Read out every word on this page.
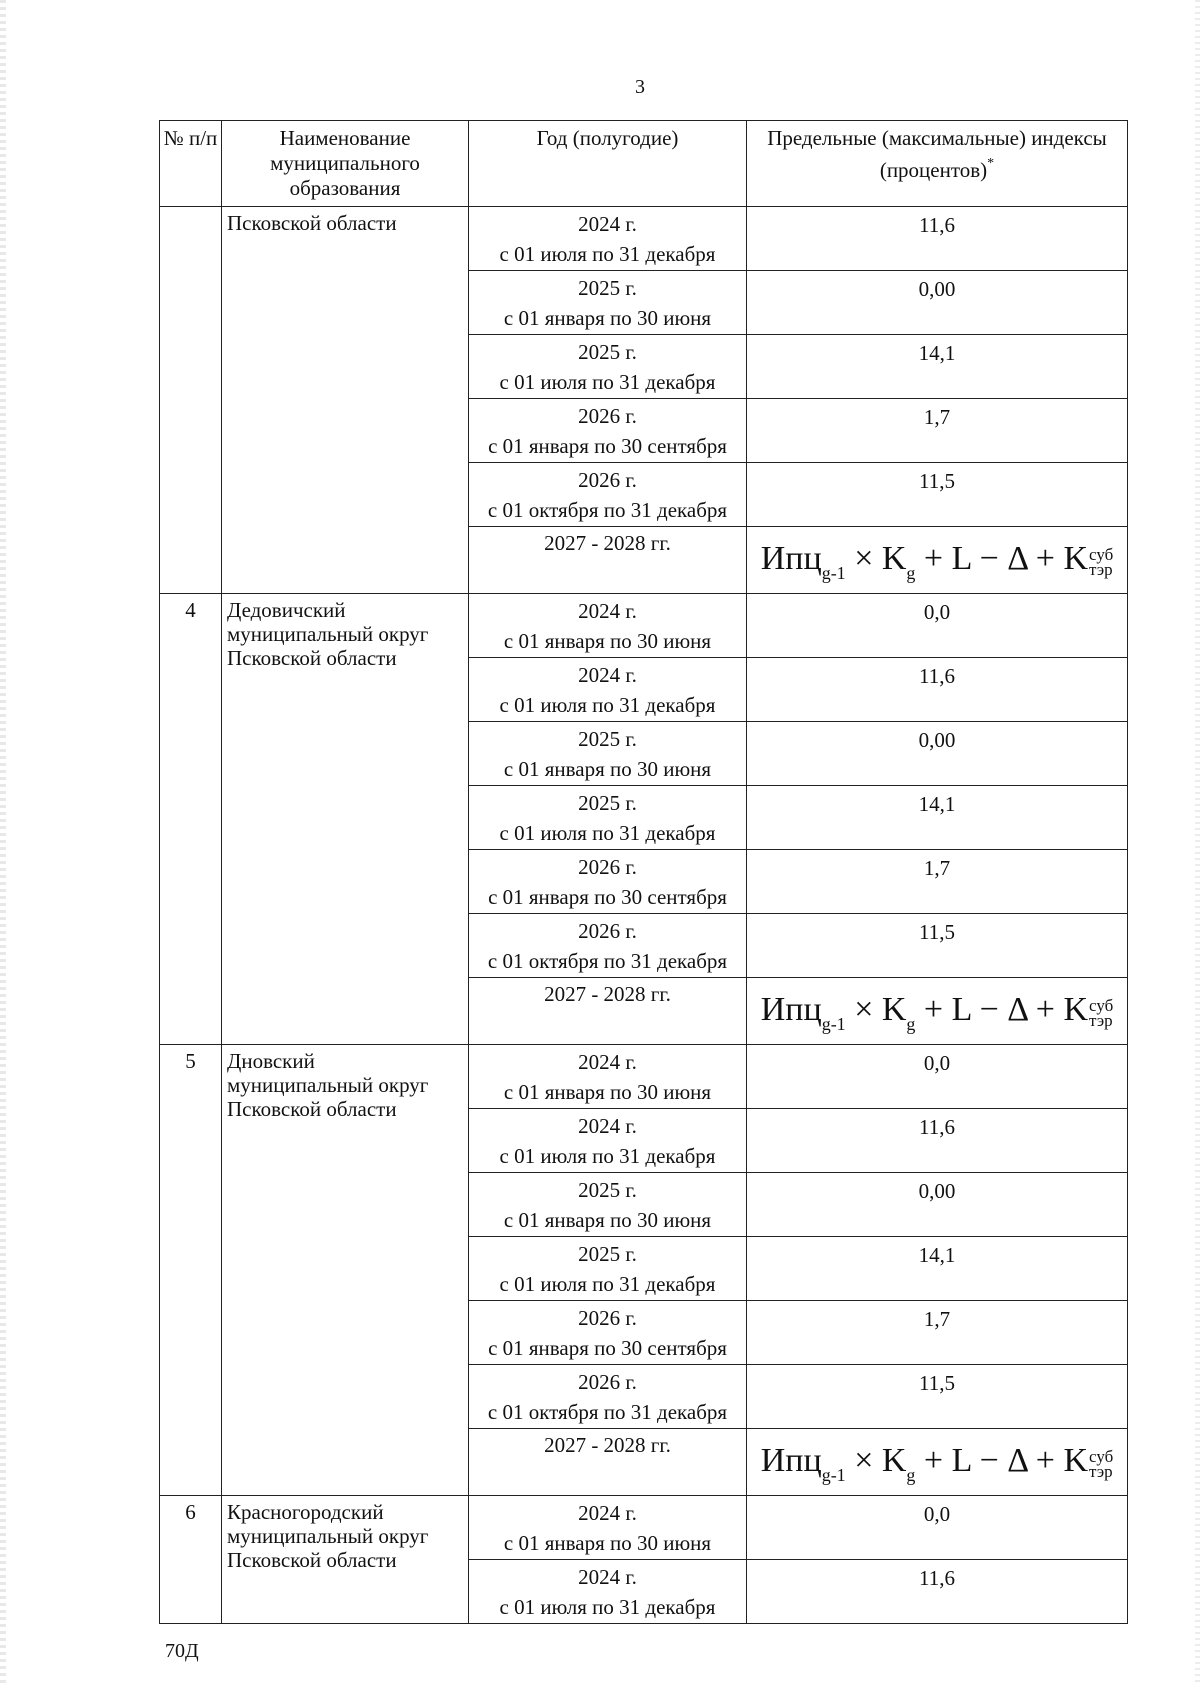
3
№ п/п	Наименование муниципального образования	Год (полугодие)	Предельные (максимальные) индексы (процентов)*
	Псковской области	2024 г.
с 01 июля по 31 декабря	11,6

		2025 г.
с 01 января по 30 июня	0,00

		2025 г.
с 01 июля по 31 декабря	14,1

		2026 г.
с 01 января по 30 сентября	1,7

		2026 г.
с 01 октября по 31 декабря	11,5
		2027 - 2028 гг.	$Ипц_{g-1} \times K_g + L - \Delta + K$ суб
тэр

4	Дедовичский муниципальный округ Псковской области	2024 г.
с 01 января по 30 июня	0,0

		2024 г.
с 01 июля по 31 декабря	11,6

		2025 г.
с 01 января по 30 июня	0,00

		2025 г.
с 01 июля по 31 декабря	14,1

		2026 г.
с 01 января по 30 сентября	1,7

		2026 г.
с 01 октября по 31 декабря	11,5
		2027 - 2028 гг.	$Ипц_{g-1} \times K_g + L - \Delta + K$ суб
тэр

5	Дновский муниципальный округ Псковской области	2024 г.
с 01 января по 30 июня	0,0

		2024 г.
с 01 июля по 31 декабря	11,6

		2025 г.
с 01 января по 30 июня	0,00

		2025 г.
с 01 июля по 31 декабря	14,1

		2026 г.
с 01 января по 30 сентября	1,7

		2026 г.
с 01 октября по 31 декабря	11,5
		2027 - 2028 гг.	$Ипц_{g-1} \times K_g + L - \Delta + K$ суб
тэр

6	Красногородский муниципальный округ Псковской области	2024 г.
с 01 января по 30 июня	0,0

		2024 г.
с 01 июля по 31 декабря	11,6
70Д
